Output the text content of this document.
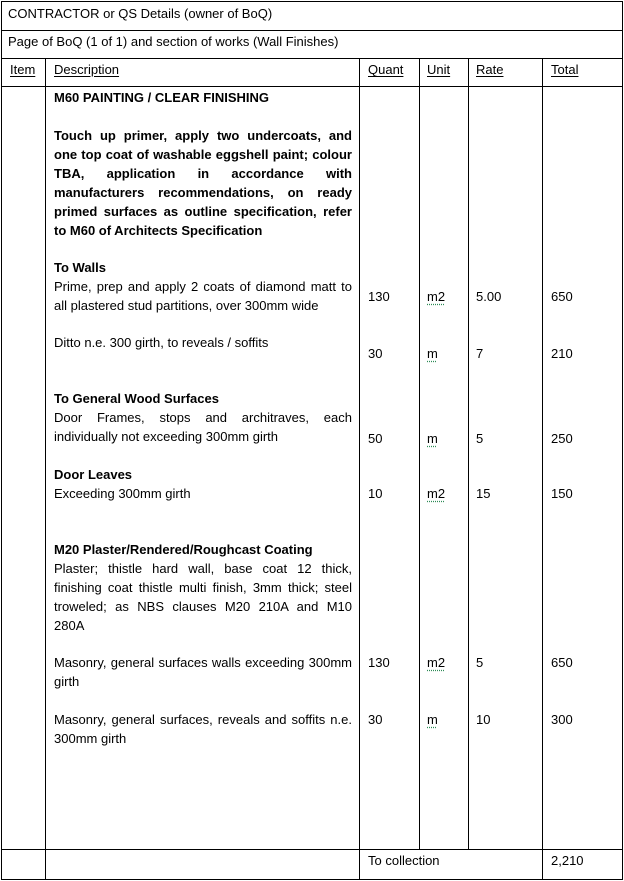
CONTRACTOR or QS Details (owner of BoQ)
Page of BoQ (1 of 1) and section of works (Wall Finishes)
Item Description	Quant Unit Rate	Total
M60 PAINTING / CLEAR FINISHING
Touch up primer, apply two undercoats, and one top coat of washable eggshell paint; colour TBA, application in accordance with manufacturers recommendations, on ready primed surfaces as outline specification, refer to M60 of Architects Specification
To Walls
Prime, prep and apply 2 coats of diamond matt to all plastered stud partitions, over 300mm wide
130	m2 5.00	650
Ditto n.e. 300 girth, to reveals / soffits
30	m	7	210
To General Wood Surfaces
Door Frames, stops and architraves, each individually not exceeding 300mm girth	50	m	5	250
Door Leaves
Exceeding 300mm girth	10	m2 15	150
M20 Plaster/Rendered/Roughcast Coating
Plaster; thistle hard wall, base coat 12 thick, finishing coat thistle multi finish, 3mm thick; steel troweled; as NBS clauses M20 210A and M10 280A
Masonry, general surfaces walls exceeding 300mm girth
130	m2 5	650
Masonry, general surfaces, reveals and soffits n.e. 300mm girth
30	m	10	300
To collection	2,210
